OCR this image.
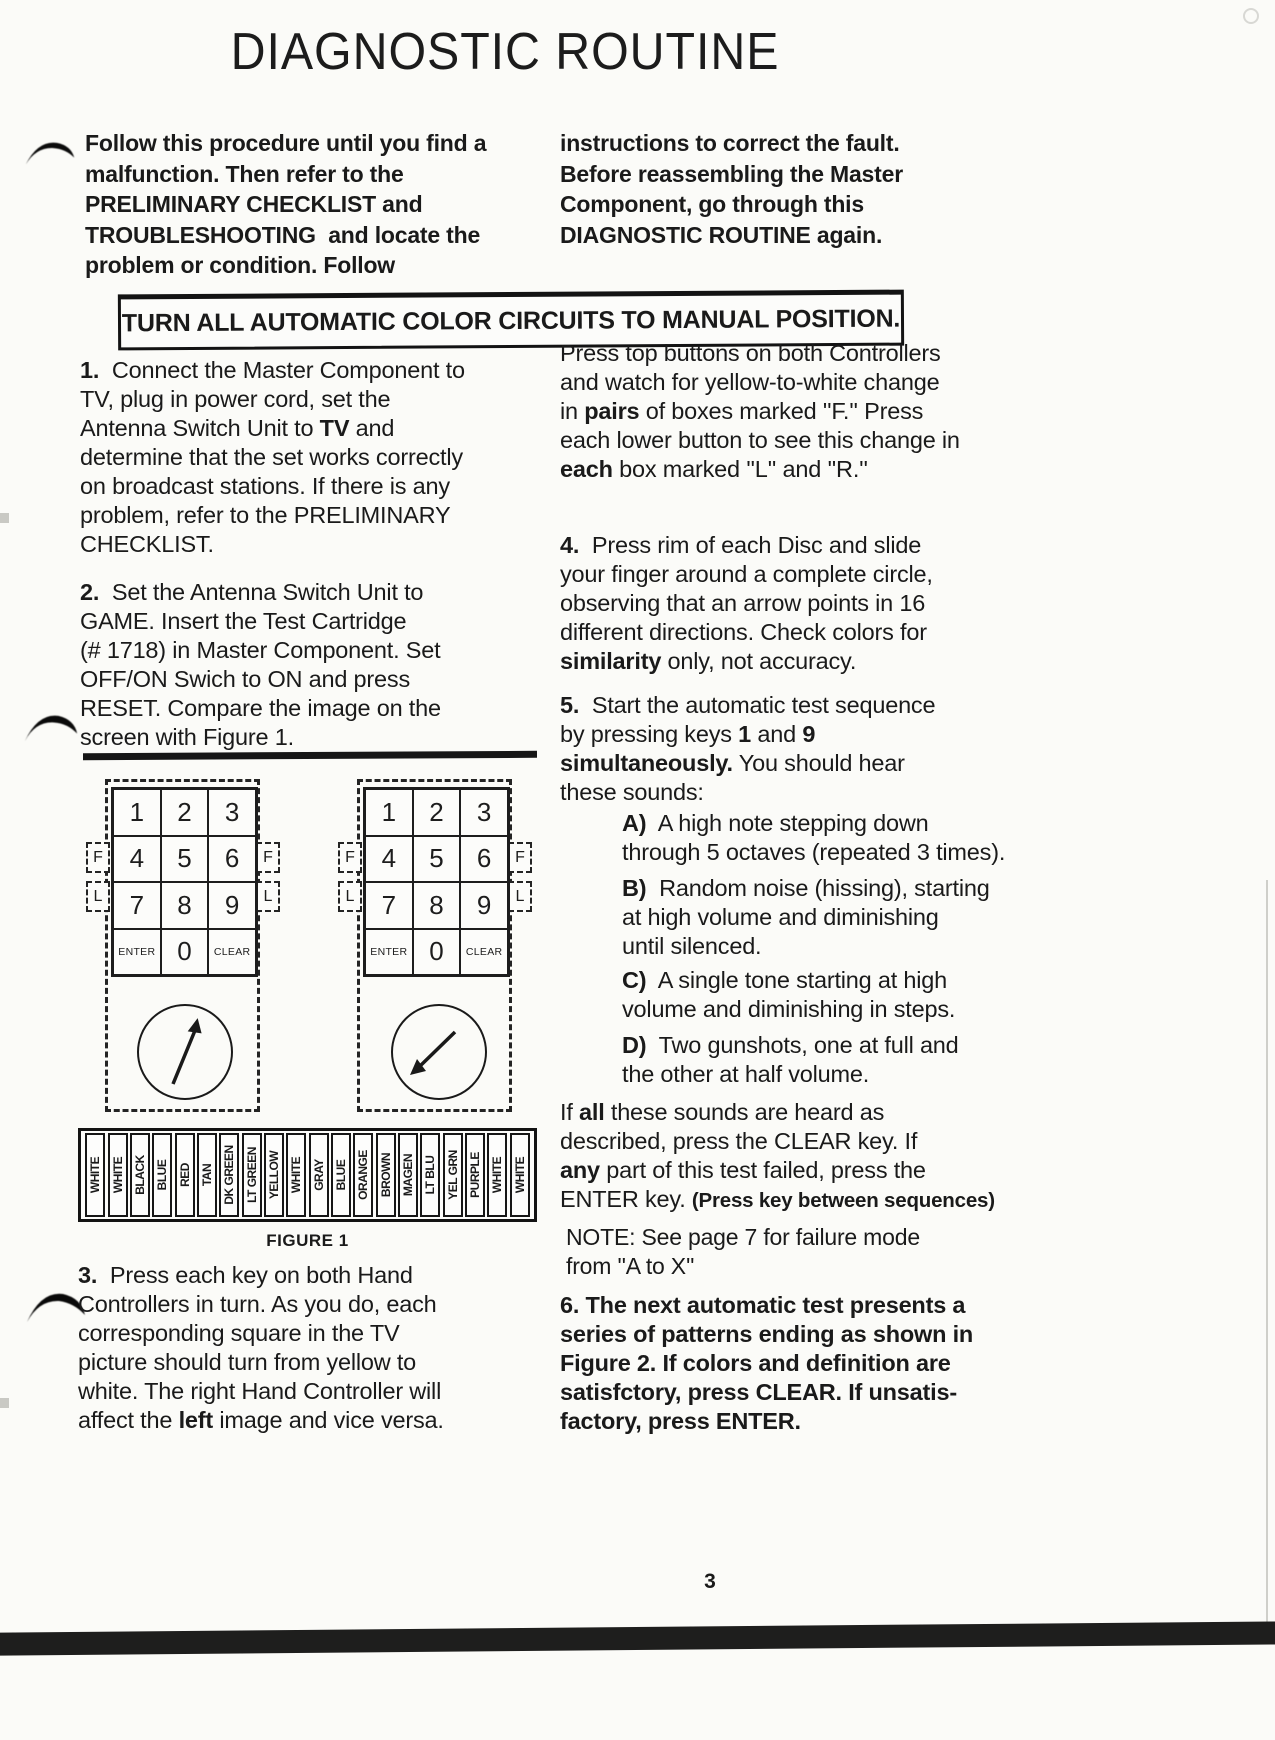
DIAGNOSTIC ROUTINE
Follow this procedure until you find a
malfunction. Then refer to the
PRELIMINARY CHECKLIST and
TROUBLESHOOTING  and locate the
problem or condition. Follow
instructions to correct the fault.
Before reassembling the Master
Component, go through this
DIAGNOSTIC ROUTINE again.
TURN ALL AUTOMATIC COLOR CIRCUITS TO MANUAL POSITION.
1.  Connect the Master Component to
TV, plug in power cord, set the
Antenna Switch Unit to TV and
determine that the set works correctly
on broadcast stations. If there is any
problem, refer to the PRELIMINARY
CHECKLIST.
2.  Set the Antenna Switch Unit to
GAME. Insert the Test Cartridge
(# 1718) in Master Component. Set
OFF/ON Swich to ON and press
RESET. Compare the image on the
screen with Figure 1.
F
L
F
L
1	2	3
4	5	6
7	8	9
ENTER 0	CLEAR
F
L
F
L
1	2	3
4	5	6
7	8	9
ENTER 0	CLEAR
WHITE WHITE BLACK BLUE RED TAN DK GREEN LT GREEN YELLOW WHITE GRAY BLUE ORANGE BROWN MAGEN LT BLU YEL GRN PURPLE WHITE WHITE
FIGURE 1
3.  Press each key on both Hand
Controllers in turn. As you do, each
corresponding square in the TV
picture should turn from yellow to
white. The right Hand Controller will
affect the left image and vice versa.
Press top buttons on both Controllers
and watch for yellow-to-white change
in pairs of boxes marked ''F.'' Press
each lower button to see this change in
each box marked ''L'' and ''R.''
4.  Press rim of each Disc and slide
your finger around a complete circle,
observing that an arrow points in 16
different directions. Check colors for
similarity only, not accuracy.
5.  Start the automatic test sequence
by pressing keys 1 and 9
simultaneously. You should hear
these sounds:
A)  A high note stepping down
through 5 octaves (repeated 3 times).
B)  Random noise (hissing), starting
at high volume and diminishing
until silenced.
C)  A single tone starting at high
volume and diminishing in steps.
D)  Two gunshots, one at full and
the other at half volume.
If all these sounds are heard as
described, press the CLEAR key. If
any part of this test failed, press the
ENTER key. (Press key between sequences)
NOTE: See page 7 for failure mode
from ''A to X''
6. The next automatic test presents a
series of patterns ending as shown in
Figure 2. If colors and definition are
satisfctory, press CLEAR. If unsatis-
factory, press ENTER.
3
